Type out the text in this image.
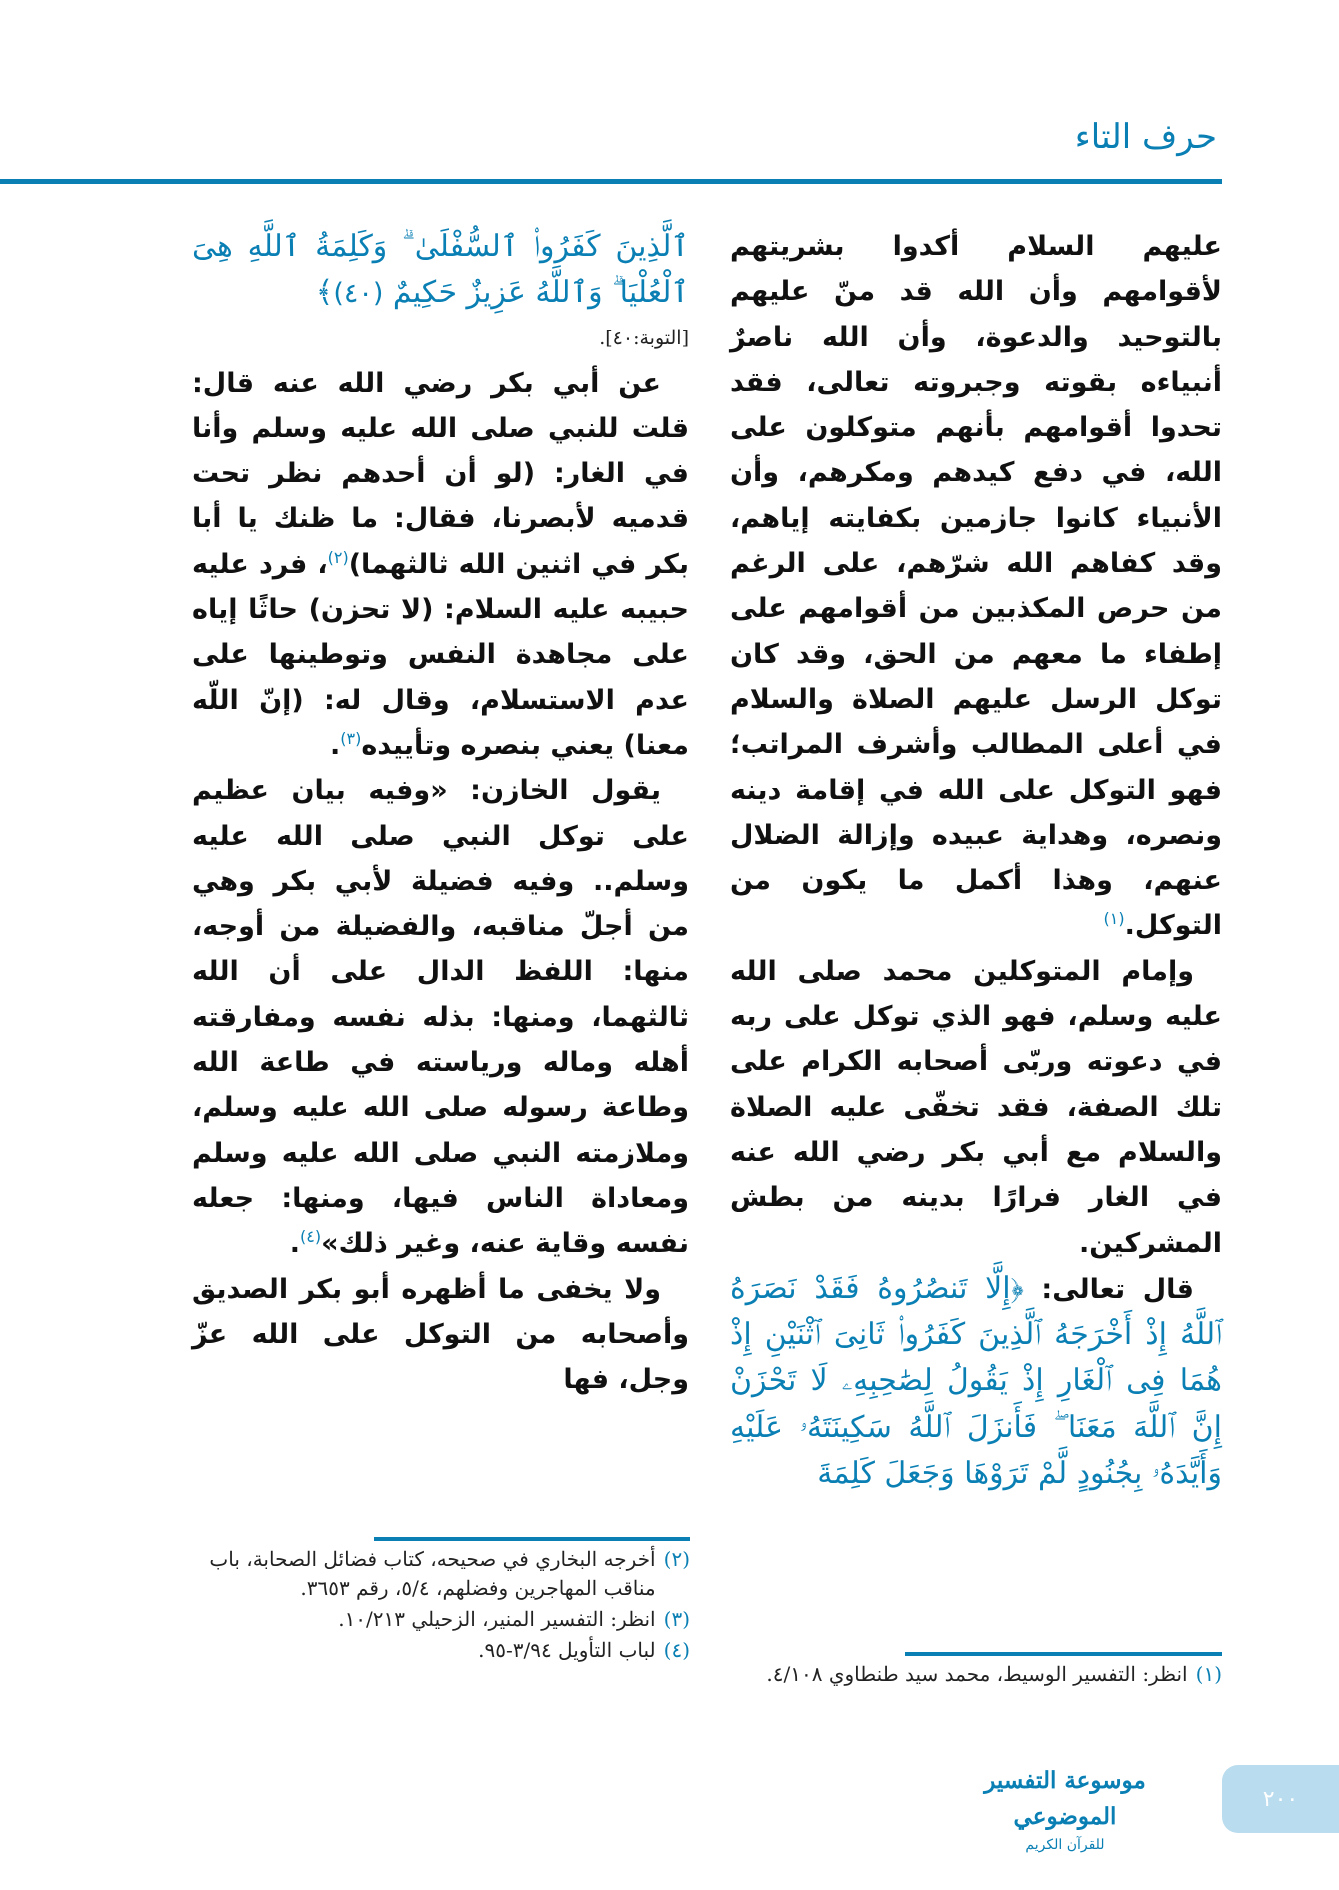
حرف التاء

عليهم السلام أكدوا بشريتهم لأقوامهم وأن الله قد منّ عليهم بالتوحيد والدعوة، وأن الله ناصرٌ أنبياءه بقوته وجبروته تعالى، فقد تحدوا أقوامهم بأنهم متوكلون على الله، في دفع كيدهم ومكرهم، وأن الأنبياء كانوا جازمين بكفايته إياهم، وقد كفاهم الله شرّهم، على الرغم من حرص المكذبين من أقوامهم على إطفاء ما معهم من الحق، وقد كان توكل الرسل عليهم الصلاة والسلام في أعلى المطالب وأشرف المراتب؛ فهو التوكل على الله في إقامة دينه ونصره، وهداية عبيده وإزالة الضلال عنهم، وهذا أكمل ما يكون من التوكل.$^{(١)}$

وإمام المتوكلين محمد صلى الله عليه وسلم، فهو الذي توكل على ربه في دعوته وربّى أصحابه الكرام على تلك الصفة، فقد تخفّى عليه الصلاة والسلام مع أبي بكر رضي الله عنه في الغار فرارًا بدينه من بطش المشركين.

قال تعالى: ﴿إِلَّا تَنصُرُوهُ فَقَدْ نَصَرَهُ ٱللَّهُ إِذْ أَخْرَجَهُ ٱلَّذِينَ كَفَرُوا۟ ثَانِىَ ٱثْنَيْنِ إِذْ هُمَا فِى ٱلْغَارِ إِذْ يَقُولُ لِصَٰحِبِهِۦ لَا تَحْزَنْ إِنَّ ٱللَّهَ مَعَنَا ۖ فَأَنزَلَ ٱللَّهُ سَكِينَتَهُۥ عَلَيْهِ وَأَيَّدَهُۥ بِجُنُودٍ لَّمْ تَرَوْهَا وَجَعَلَ كَلِمَةَ

ٱلَّذِينَ كَفَرُوا۟ ٱلسُّفْلَىٰ ۗ وَكَلِمَةُ ٱللَّهِ هِىَ ٱلْعُلْيَا ۗ وَٱللَّهُ عَزِيزٌ حَكِيمٌ (٤٠)﴾

[التوبة:٤٠].

عن أبي بكر رضي الله عنه قال: قلت للنبي صلى الله عليه وسلم وأنا في الغار: (لو أن أحدهم نظر تحت قدميه لأبصرنا، فقال: ما ظنك يا أبا بكر في اثنين الله ثالثهما)$^{(٢)}$، فرد عليه حبيبه عليه السلام: (لا تحزن) حاثًا إياه على مجاهدة النفس وتوطينها على عدم الاستسلام، وقال له: (إنّ اللّه معنا) يعني بنصره وتأييده$^{(٣)}$.

يقول الخازن: «وفيه بيان عظيم على توكل النبي صلى الله عليه وسلم.. وفيه فضيلة لأبي بكر وهي من أجلّ مناقبه، والفضيلة من أوجه، منها: اللفظ الدال على أن الله ثالثهما، ومنها: بذله نفسه ومفارقته أهله وماله ورياسته في طاعة الله وطاعة رسوله صلى الله عليه وسلم، وملازمته النبي صلى الله عليه وسلم ومعاداة الناس فيها، ومنها: جعله نفسه وقاية عنه، وغير ذلك»$^{(٤)}$.

ولا يخفى ما أظهره أبو بكر الصديق وأصحابه من التوكل على الله عزّ وجل، فها

(١)
انظر: التفسير الوسيط، محمد سيد طنطاوي ٤/١٠٨.
(٢)
أخرجه البخاري في صحيحه، كتاب فضائل الصحابة، باب مناقب المهاجرين وفضلهم، ٥/٤، رقم ٣٦٥٣.
(٣)
انظر: التفسير المنير، الزحيلي ١٠/٢١٣.
(٤)
لباب التأويل ٣/٩٤-٩٥.
موسوعة التفسير الموضوعي
للقرآن الكريم
٢٠٠
